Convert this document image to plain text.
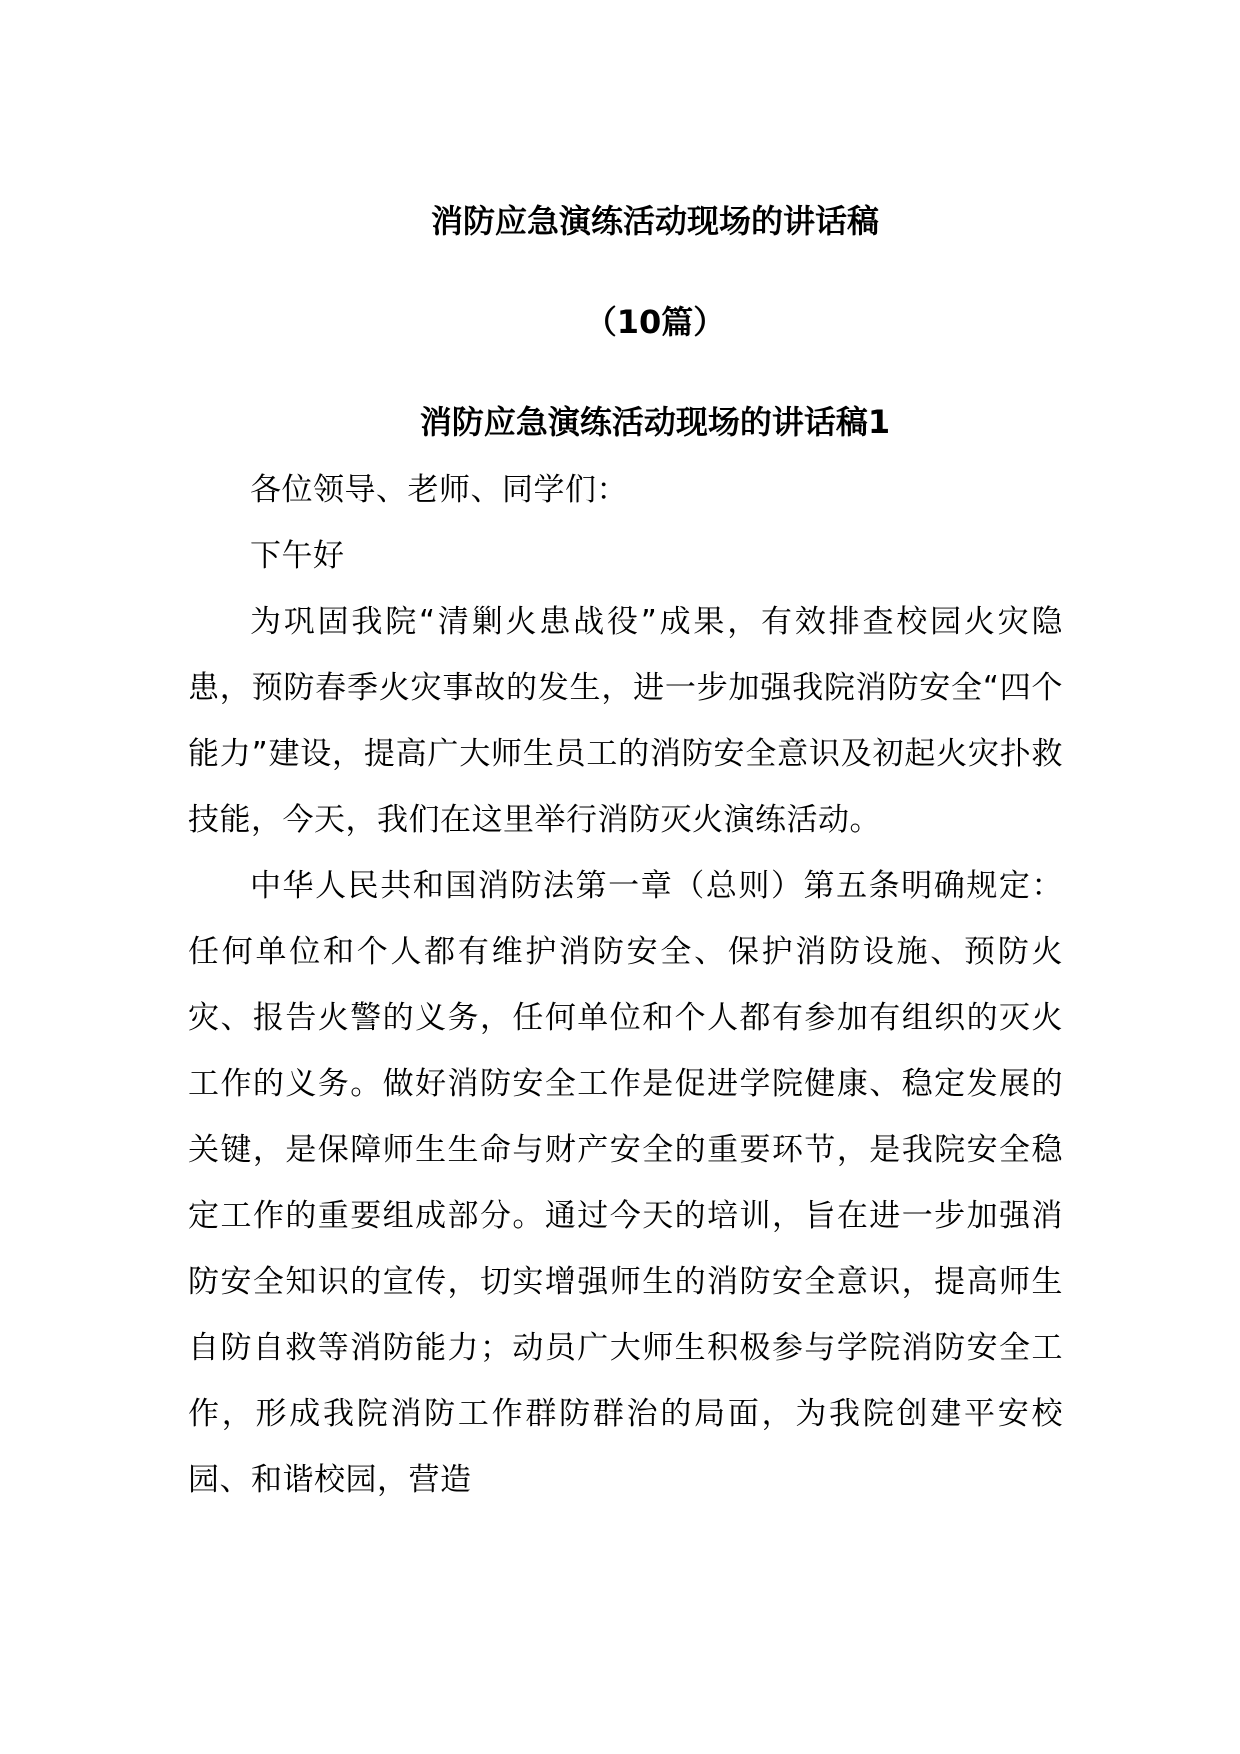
消防应急演练活动现场的讲话稿
（10篇）
消防应急演练活动现场的讲话稿1

各位领导、老师、同学们：

下午好

为巩固我院“清剿火患战役”成果，有效排查校园火灾隐患，预防春季火灾事故的发生，进一步加强我院消防安全“四个能力”建设，提高广大师生员工的消防安全意识及初起火灾扑救技能，今天，我们在这里举行消防灭火演练活动。

中华人民共和国消防法第一章（总则）第五条明确规定：任何单位和个人都有维护消防安全、保护消防设施、预防火灾、报告火警的义务，任何单位和个人都有参加有组织的灭火工作的义务。做好消防安全工作是促进学院健康、稳定发展的关键，是保障师生生命与财产安全的重要环节，是我院安全稳定工作的重要组成部分。通过今天的培训，旨在进一步加强消防安全知识的宣传，切实增强师生的消防安全意识，提高师生自防自救等消防能力；动员广大师生积极参与学院消防安全工作，形成我院消防工作群防群治的局面，为我院创建平安校园、和谐校园，营造
